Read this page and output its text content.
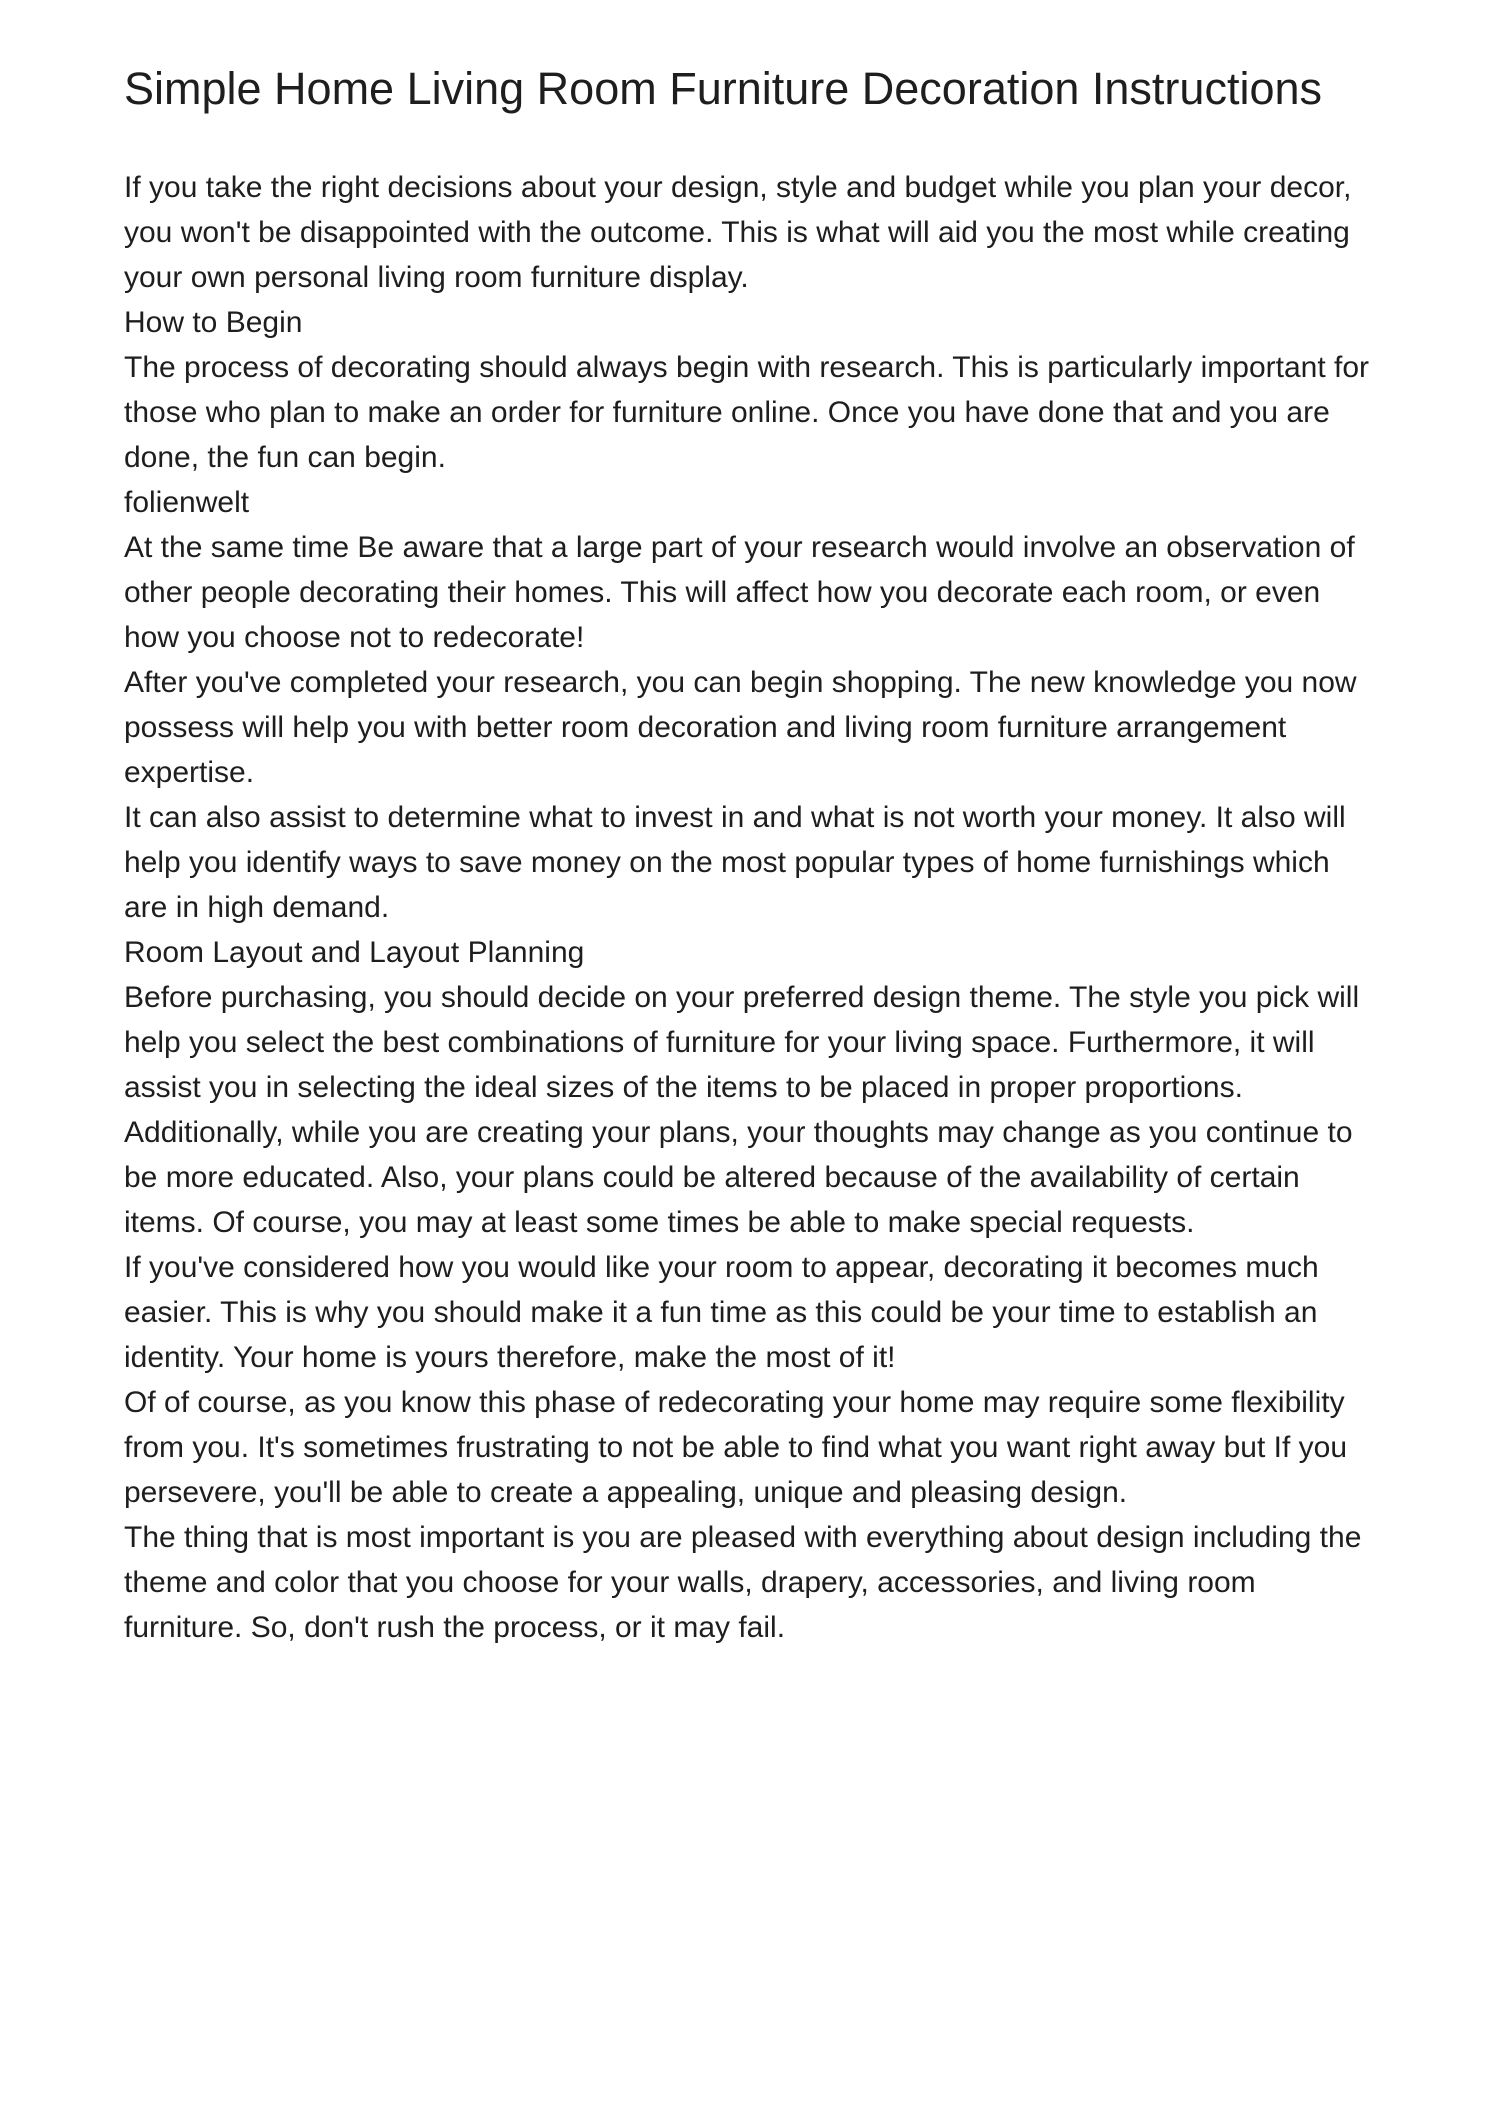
Simple Home Living Room Furniture Decoration Instructions

If you take the right decisions about your design, style and budget while you plan your decor, you won't be disappointed with the outcome. This is what will aid you the most while creating your own personal living room furniture display.

How to Begin

The process of decorating should always begin with research. This is particularly important for those who plan to make an order for furniture online. Once you have done that and you are done, the fun can begin.

folienwelt

At the same time Be aware that a large part of your research would involve an observation of other people decorating their homes. This will affect how you decorate each room, or even how you choose not to redecorate!

After you've completed your research, you can begin shopping. The new knowledge you now possess will help you with better room decoration and living room furniture arrangement expertise.

It can also assist to determine what to invest in and what is not worth your money. It also will help you identify ways to save money on the most popular types of home furnishings which are in high demand.

Room Layout and Layout Planning

Before purchasing, you should decide on your preferred design theme. The style you pick will help you select the best combinations of furniture for your living space. Furthermore, it will assist you in selecting the ideal sizes of the items to be placed in proper proportions.

Additionally, while you are creating your plans, your thoughts may change as you continue to be more educated. Also, your plans could be altered because of the availability of certain items. Of course, you may at least some times be able to make special requests.

If you've considered how you would like your room to appear, decorating it becomes much easier. This is why you should make it a fun time as this could be your time to establish an identity. Your home is yours therefore, make the most of it!

Of of course, as you know this phase of redecorating your home may require some flexibility from you. It's sometimes frustrating to not be able to find what you want right away but If you persevere, you'll be able to create a appealing, unique and pleasing design.

The thing that is most important is you are pleased with everything about design including the theme and color that you choose for your walls, drapery, accessories, and living room furniture. So, don't rush the process, or it may fail.
